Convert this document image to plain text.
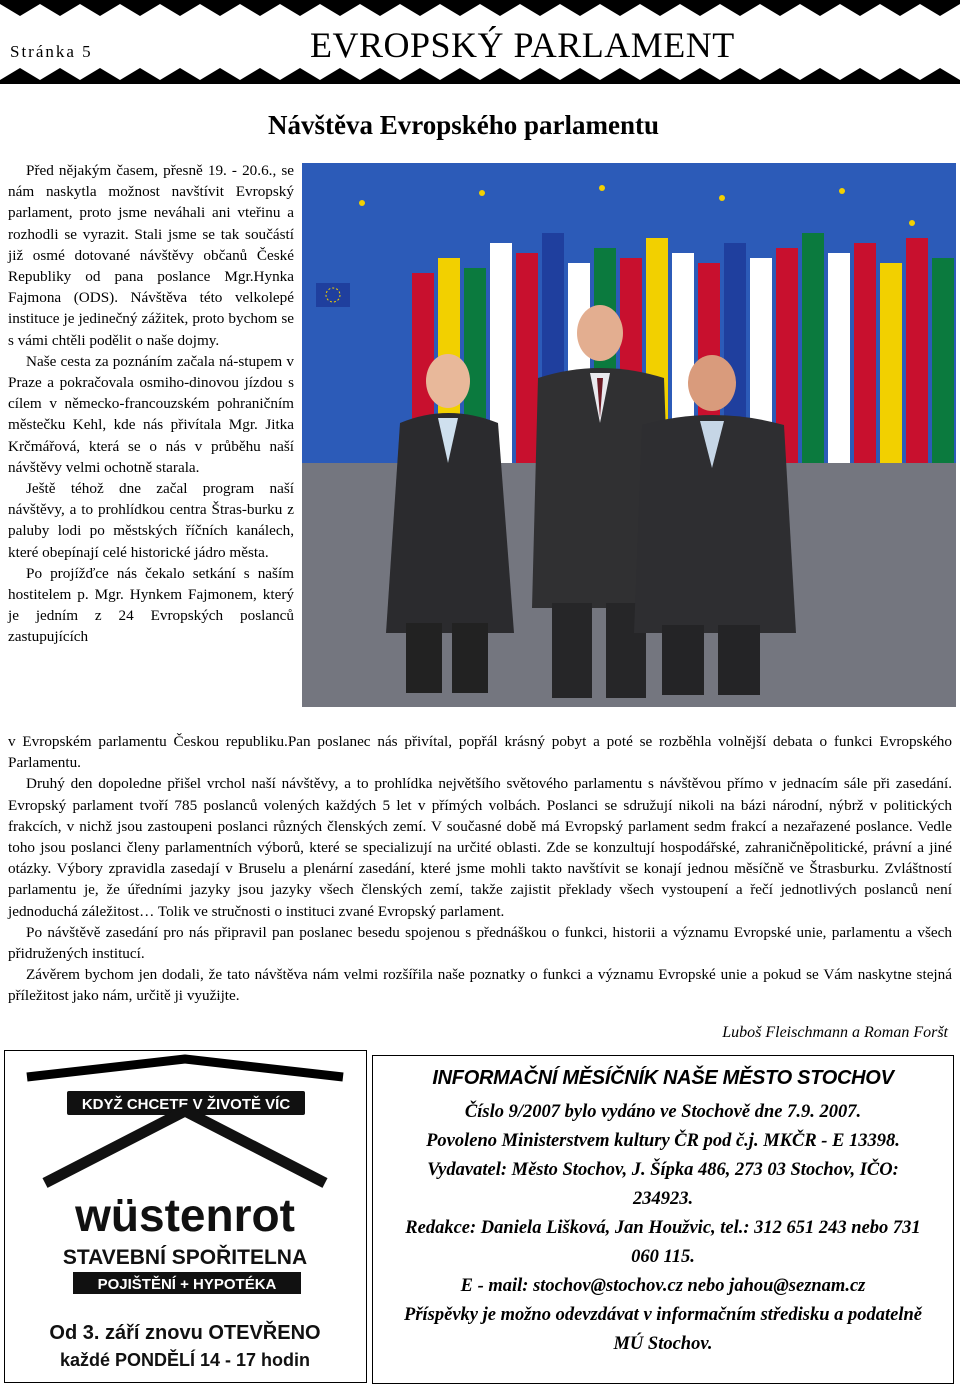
Stránka 5	EVROPSKÝ PARLAMENT
Návštěva Evropského parlamentu

Před nějakým časem, přesně 19. - 20.6., se nám naskytla možnost navštívit Evropský parlament, proto jsme neváhali ani vteřinu a rozhodli se vyrazit. Stali jsme se tak součástí již osmé dotované návštěvy občanů České Republiky od pana poslance Mgr.Hynka Fajmona (ODS). Návštěva této velkolepé instituce je jedinečný zážitek, proto bychom se s vámi chtěli podělit o naše dojmy.

Naše cesta za poznáním začala ná-stupem v Praze a pokračovala osmiho-dinovou jízdou s cílem v německo-francouzském pohraničním městečku Kehl, kde nás přivítala Mgr. Jitka Krčmářová, která se o nás v průběhu naší návštěvy velmi ochotně starala.

Ještě téhož dne začal program naší návštěvy, a to prohlídkou centra Štras-burku z paluby lodi po městských říčních kanálech, které obepínají celé historické jádro města.

Po projížďce nás čekalo setkání s naším hostitelem p. Mgr. Hynkem Fajmonem, který je jedním z 24 Evropských poslanců zastupujících

v Evropském parlamentu Českou republiku.Pan poslanec nás přivítal, popřál krásný pobyt a poté se rozběhla volnější debata o funkci Evropského Parlamentu.

Druhý den dopoledne přišel vrchol naší návštěvy, a to prohlídka největšího světového parlamentu s návštěvou přímo v jednacím sále při zasedání. Evropský parlament tvoří 785 poslanců volených každých 5 let v přímých volbách. Poslanci se sdružují nikoli na bázi národní, nýbrž v politických frakcích, v nichž jsou zastoupeni poslanci různých členských zemí. V současné době má Evropský parlament sedm frakcí a nezařazené poslance. Vedle toho jsou poslanci členy parlamentních výborů, které se specializují na určité oblasti. Zde se konzultují hospodářské, zahraničněpolitické, právní a jiné otázky. Výbory zpravidla zasedají v Bruselu a plenární zasedání, které jsme mohli takto navštívit se konají jednou měsíčně ve Štrasburku. Zvláštností parlamentu je, že úředními jazyky jsou jazyky všech členských zemí, takže zajistit překlady všech vystoupení a řečí jednotlivých poslanců není jednoduchá záležitost… Tolik ve stručnosti o instituci zvané Evropský parlament.

Po návštěvě zasedání pro nás připravil pan poslanec besedu spojenou s přednáškou o funkci, historii a významu Evropské unie, parlamentu a všech přidružených institucí.

Závěrem bychom jen dodali, že tato návštěva nám velmi rozšířila naše poznatky o funkci a významu Evropské unie a pokud se Vám naskytne stejná příležitost jako nám, určitě ji využijte.

Luboš Fleischmann a Roman Foršt
KDYŽ CHCETE V ŽIVOTĚ VÍC
wüstenrot
STAVEBNÍ SPOŘITELNA
POJIŠTĚNÍ + HYPOTÉKA
Od 3. září znovu OTEVŘENO
každé PONDĚLÍ 14 - 17 hodin
INFORMAČNÍ MĚSÍČNÍK NAŠE MĚSTO STOCHOV
Číslo 9/2007 bylo vydáno ve Stochově dne 7.9. 2007.
Povoleno Ministerstvem kultury ČR pod č.j. MKČR - E 13398. Vydavatel: Město Stochov, J. Šípka 486, 273 03 Stochov, IČO: 234923.
Redakce: Daniela Lišková, Jan Houžvic, tel.: 312 651 243 nebo 731 060 115.
E - mail: stochov@stochov.cz nebo jahou@seznam.cz
Příspěvky je možno odevzdávat v informačním středisku a podatelně MÚ Stochov.
